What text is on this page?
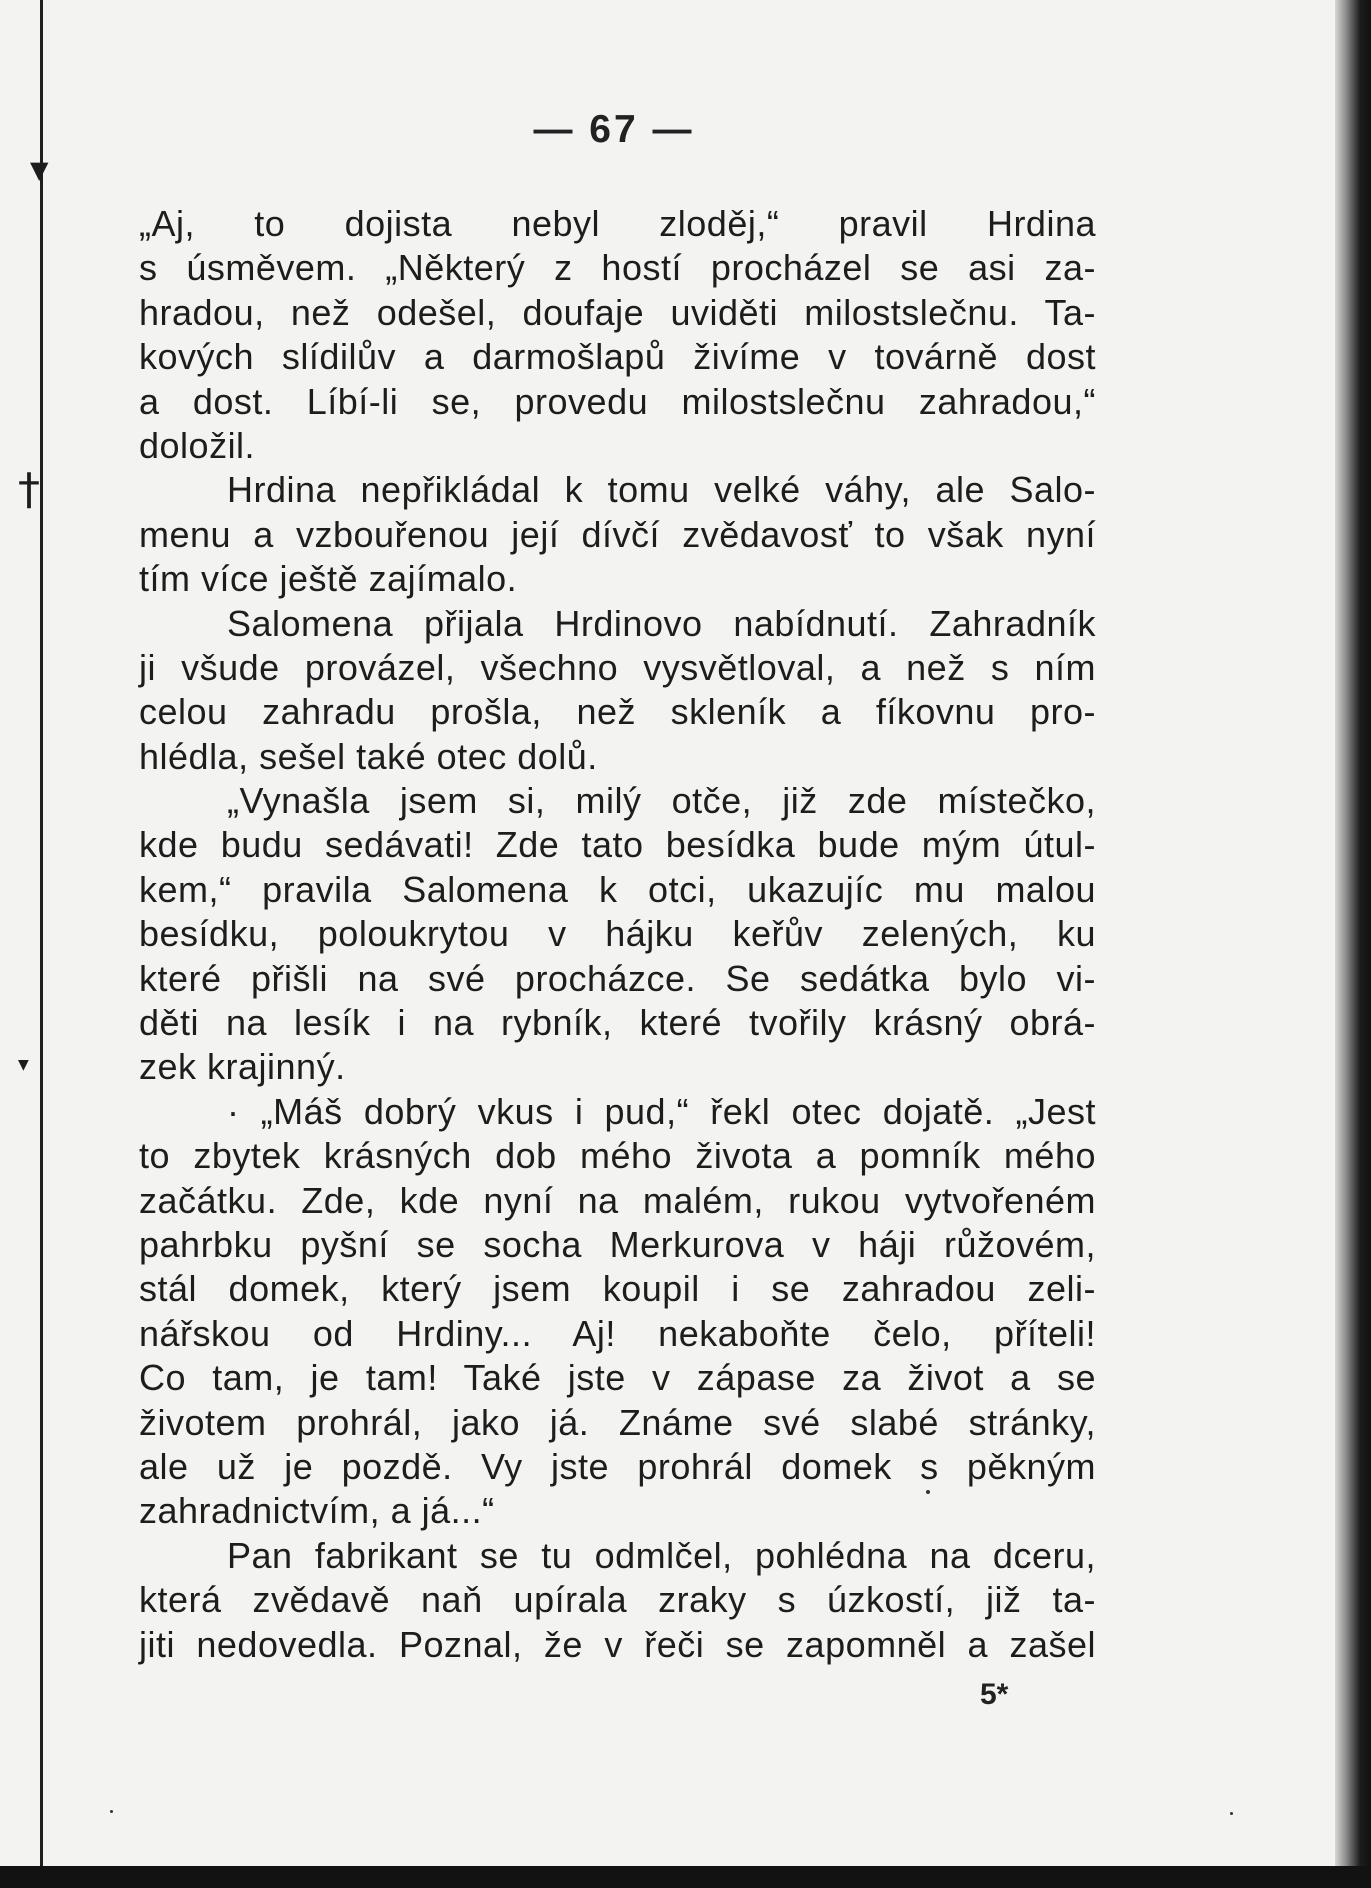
▼
†
▼
— 67 —
„Aj, to dojista nebyl zloděj,“ pravil Hrdina
s úsměvem. „Některý z hostí procházel se asi za-
hradou, než odešel, doufaje uviděti milostslečnu. Ta-
kových slídilův a darmošlapů živíme v továrně dost
a dost. Líbí-li se, provedu milostslečnu zahradou,“
doložil.
Hrdina nepřikládal k tomu velké váhy, ale Salo-
menu a vzbouřenou její dívčí zvědavosť to však nyní
tím více ještě zajímalo.
Salomena přijala Hrdinovo nabídnutí. Zahradník
ji všude provázel, všechno vysvětloval, a než s ním
celou zahradu prošla, než skleník a fíkovnu pro-
hlédla, sešel také otec dolů.
„Vynašla jsem si, milý otče, již zde místečko,
kde budu sedávati! Zde tato besídka bude mým útul-
kem,“ pravila Salomena k otci, ukazujíc mu malou
besídku, poloukrytou v hájku keřův zelených, ku
které přišli na své procházce. Se sedátka bylo vi-
děti na lesík i na rybník, které tvořily krásný obrá-
zek krajinný.
· „Máš dobrý vkus i pud,“ řekl otec dojatě. „Jest
to zbytek krásných dob mého života a pomník mého
začátku. Zde, kde nyní na malém, rukou vytvořeném
pahrbku pyšní se socha Merkurova v háji růžovém,
stál domek, který jsem koupil i se zahradou zeli-
nářskou od Hrdiny... Aj! nekaboňte čelo, příteli!
Co tam, je tam! Také jste v zápase za život a se
životem prohrál, jako já. Známe své slabé stránky,
ale už je pozdě. Vy jste prohrál domek s pěkným
zahradnictvím, a já...“
Pan fabrikant se tu odmlčel, pohlédna na dceru,
která zvědavě naň upírala zraky s úzkostí, již ta-
jiti nedovedla. Poznal, že v řeči se zapomněl a zašel
5*
